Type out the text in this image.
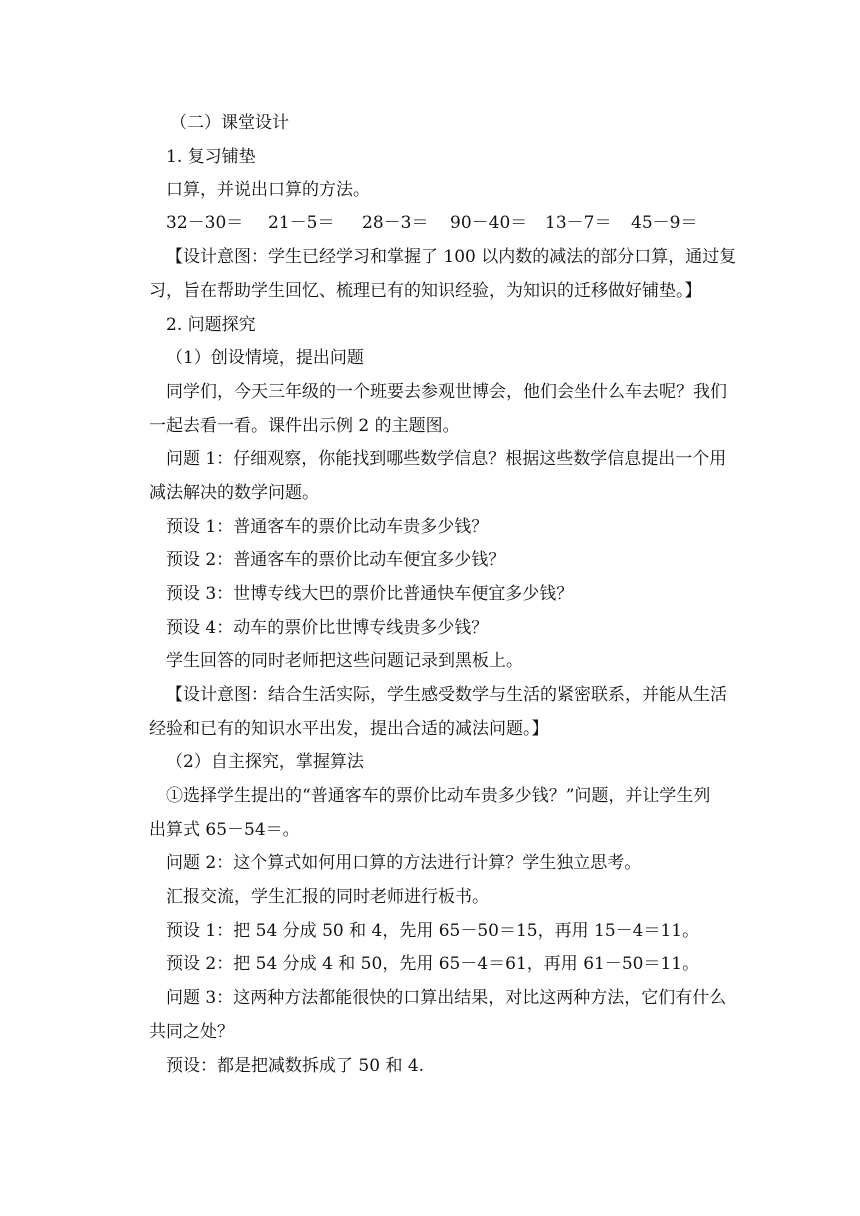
（二）课堂设计
1. 复习铺垫
口算，并说出口算的方法。
32－30＝ 21－5＝ 28－3＝ 90－40＝ 13－7＝ 45－9＝
【设计意图：学生已经学习和掌握了 100 以内数的减法的部分口算，通过复
习，旨在帮助学生回忆、梳理已有的知识经验，为知识的迁移做好铺垫。】
2. 问题探究
（1）创设情境，提出问题
同学们，今天三年级的一个班要去参观世博会，他们会坐什么车去呢？我们
一起去看一看。课件出示例 2 的主题图。
问题 1：仔细观察，你能找到哪些数学信息？根据这些数学信息提出一个用
减法解决的数学问题。
预设 1：普通客车的票价比动车贵多少钱？
预设 2：普通客车的票价比动车便宜多少钱？
预设 3：世博专线大巴的票价比普通快车便宜多少钱？
预设 4：动车的票价比世博专线贵多少钱？
学生回答的同时老师把这些问题记录到黑板上。
【设计意图：结合生活实际，学生感受数学与生活的紧密联系，并能从生活
经验和已有的知识水平出发，提出合适的减法问题。】
（2）自主探究，掌握算法
①选择学生提出的“普通客车的票价比动车贵多少钱？”问题，并让学生列
出算式 65－54＝。
问题 2：这个算式如何用口算的方法进行计算？学生独立思考。
汇报交流，学生汇报的同时老师进行板书。
预设 1：把 54 分成 50 和 4，先用 65－50＝15，再用 15－4＝11。
预设 2：把 54 分成 4 和 50，先用 65－4＝61，再用 61－50＝11。
问题 3：这两种方法都能很快的口算出结果，对比这两种方法，它们有什么
共同之处？
预设：都是把减数拆成了 50 和 4.
